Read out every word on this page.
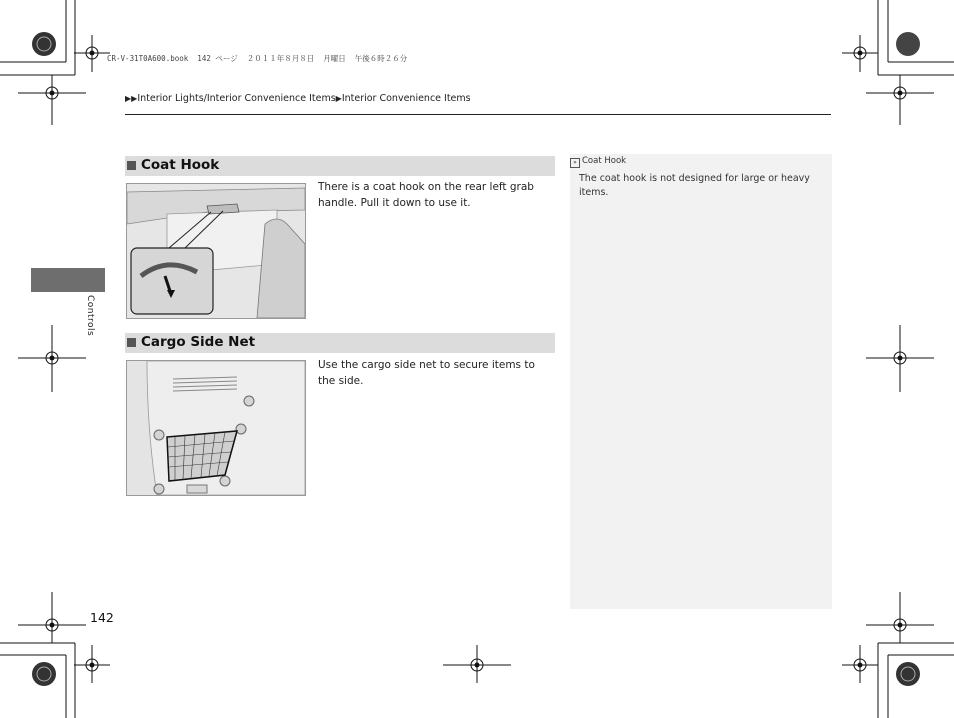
CR-V-31T0A600.book  142 ページ  ２０１１年８月８日  月曜日  午後６時２６分
▶▶Interior Lights/Interior Convenience Items▶Interior Convenience Items
Controls
Coat Hook
There is a coat hook on the rear left grab handle. Pull it down to use it.
Cargo Side Net
Use the cargo side net to secure items to the side.
» Coat Hook
The coat hook is not designed for large or heavy items.
142
